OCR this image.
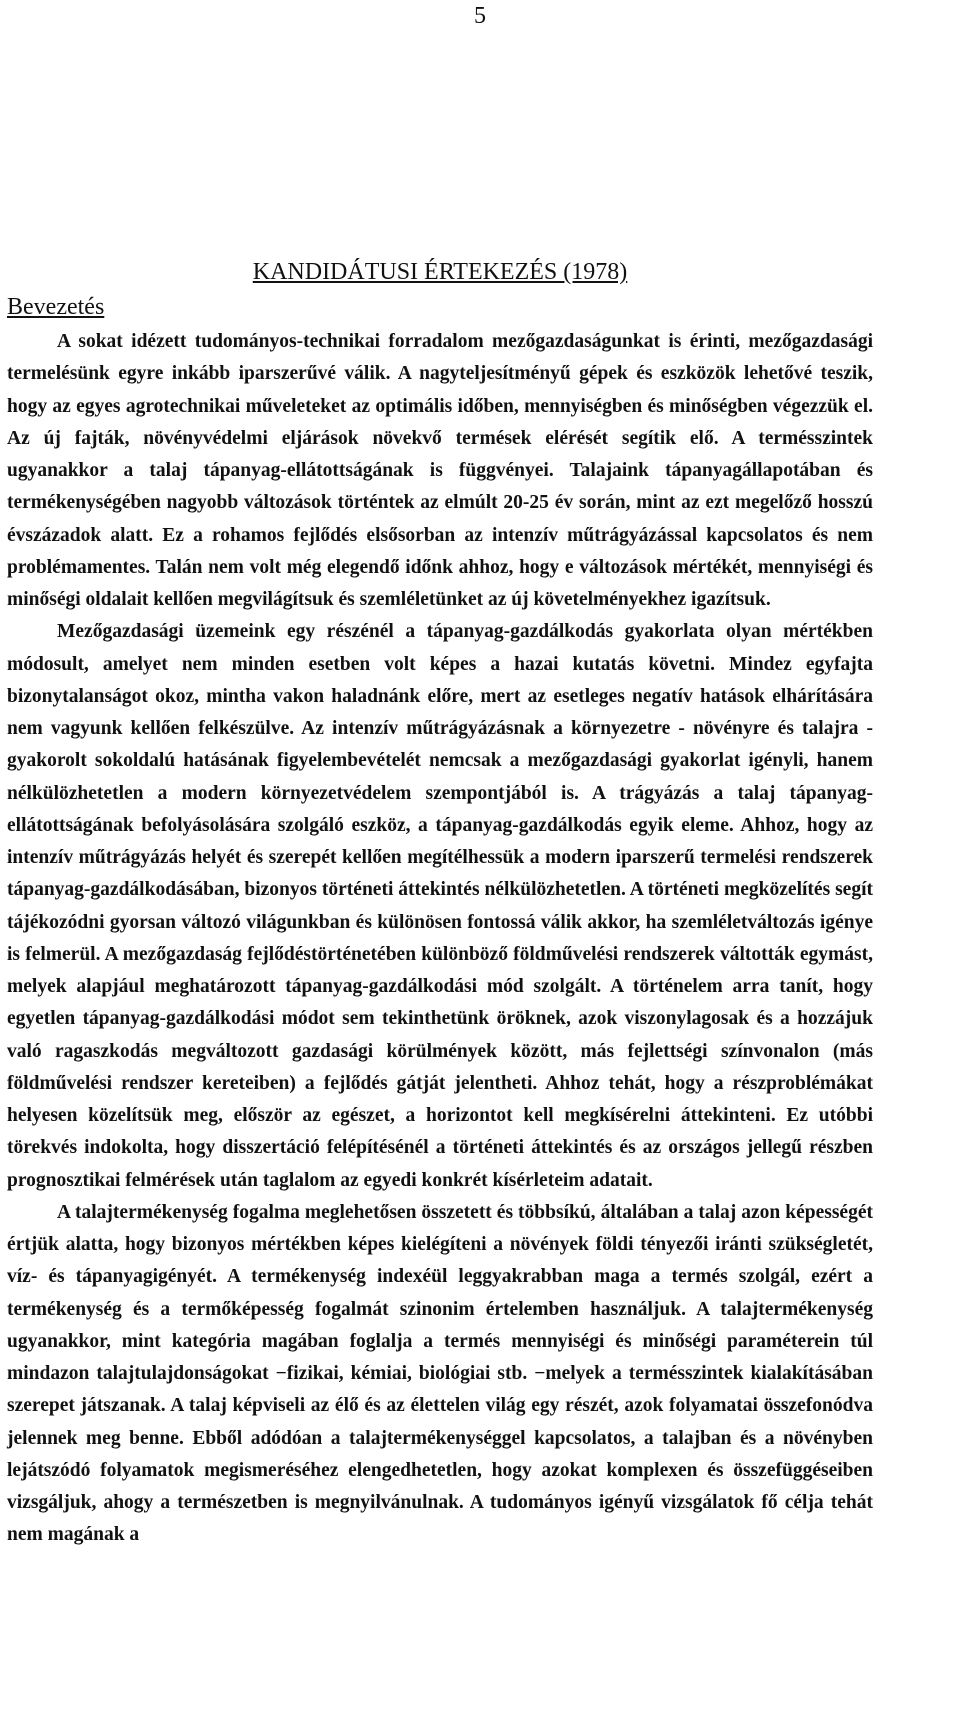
5
KANDIDÁTUSI ÉRTEKEZÉS (1978)
Bevezetés

A sokat idézett tudományos-technikai forradalom mezőgazdaságunkat is érinti, mezőgazdasági termelésünk egyre inkább iparszerűvé válik. A nagyteljesítményű gépek és eszközök lehetővé teszik, hogy az egyes agrotechnikai műveleteket az optimális időben, mennyiségben és minőségben végezzük el. Az új fajták, növényvédelmi eljárások növekvő termések elérését segítik elő. A termésszintek ugyanakkor a talaj tápanyag-ellátottságának is függvényei. Talajaink tápanyagállapotában és termékenységében nagyobb változások történtek az elmúlt 20-25 év során, mint az ezt megelőző hosszú évszázadok alatt. Ez a rohamos fejlődés elsősorban az intenzív műtrágyázással kapcsolatos és nem problémamentes. Talán nem volt még elegendő időnk ahhoz, hogy e változások mértékét, mennyiségi és minőségi oldalait kellően megvilágítsuk és szemléletünket az új követelményekhez igazítsuk.

Mezőgazdasági üzemeink egy részénél a tápanyag-gazdálkodás gyakorlata olyan mértékben módosult, amelyet nem minden esetben volt képes a hazai kutatás követni. Mindez egyfajta bizonytalanságot okoz, mintha vakon haladnánk előre, mert az esetleges negatív hatások elhárítására nem vagyunk kellően felkészülve. Az intenzív műtrágyázásnak a környezetre - növényre és talajra - gyakorolt sokoldalú hatásának figyelembevételét nemcsak a mezőgazdasági gyakorlat igényli, hanem nélkülözhetetlen a modern környezetvédelem szempontjából is. A trágyázás a talaj tápanyag-ellátottságának befolyásolására szolgáló eszköz, a tápanyag-gazdálkodás egyik eleme. Ahhoz, hogy az intenzív műtrágyázás helyét és szerepét kellően megítélhessük a modern iparszerű termelési rendszerek tápanyag-gazdálkodásában, bizonyos történeti áttekintés nélkülözhetetlen. A történeti megközelítés segít tájékozódni gyorsan változó világunkban és különösen fontossá válik akkor, ha szemléletváltozás igénye is felmerül. A mezőgazdaság fejlődéstörténetében különböző földművelési rendszerek váltották egymást, melyek alapjául meghatározott tápanyag-gazdálkodási mód szolgált. A történelem arra tanít, hogy egyetlen tápanyag-gazdálkodási módot sem tekinthetünk öröknek, azok viszonylagosak és a hozzájuk való ragaszkodás megváltozott gazdasági körülmények között, más fejlettségi színvonalon (más földművelési rendszer kereteiben) a fejlődés gátját jelentheti. Ahhoz tehát, hogy a részproblémákat helyesen közelítsük meg, először az egészet, a horizontot kell megkísérelni áttekinteni. Ez utóbbi törekvés indokolta, hogy disszertáció felépítésénél a történeti áttekintés és az országos jellegű részben prognosztikai felmérések után taglalom az egyedi konkrét kísérleteim adatait.

A talajtermékenység fogalma meglehetősen összetett és többsíkú, általában a talaj azon képességét értjük alatta, hogy bizonyos mértékben képes kielégíteni a növények földi tényezői iránti szükségletét, víz- és tápanyagigényét. A termékenység indexéül leggyakrabban maga a termés szolgál, ezért a termékenység és a termőképesség fogalmát szinonim értelemben használjuk. A talajtermékenység ugyanakkor, mint kategória magában foglalja a termés mennyiségi és minőségi paraméterein túl mindazon talajtulajdonságokat −fizikai, kémiai, biológiai stb. −melyek a termésszintek kialakításában szerepet játszanak. A talaj képviseli az élő és az élettelen világ egy részét, azok folyamatai összefonódva jelennek meg benne. Ebből adódóan a talajtermékenységgel kapcsolatos, a talajban és a növényben lejátszódó folyamatok megismeréséhez elengedhetetlen, hogy azokat komplexen és összefüggéseiben vizsgáljuk, ahogy a természetben is megnyilvánulnak. A tudományos igényű vizsgálatok fő célja tehát nem magának a
